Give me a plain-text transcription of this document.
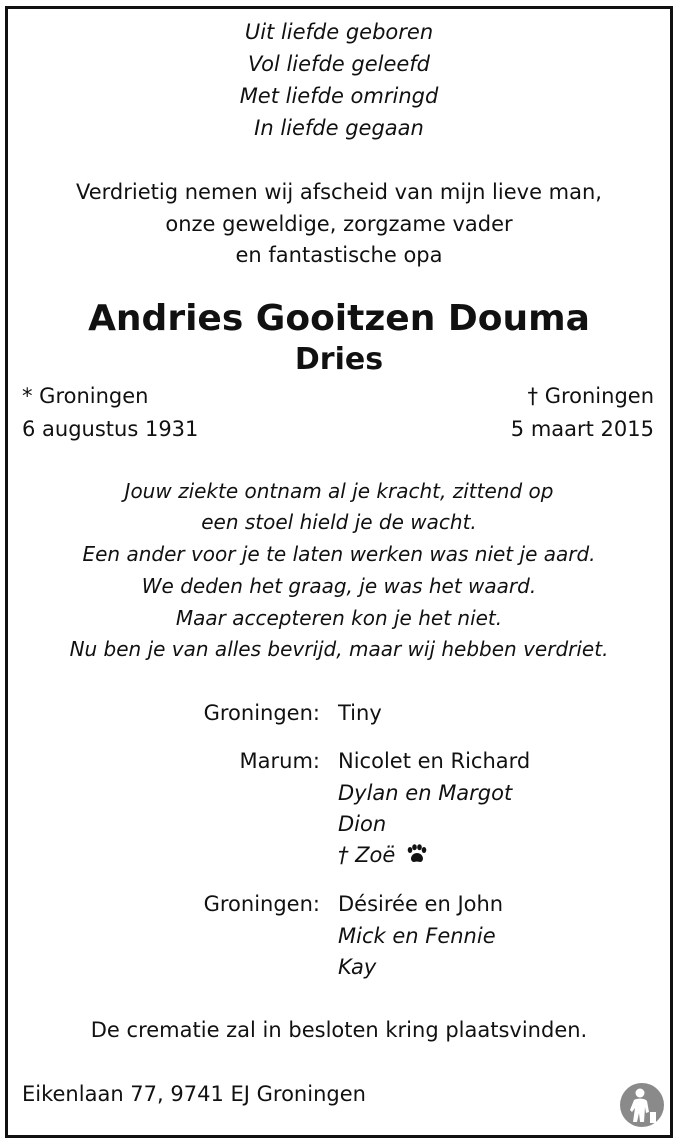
Uit liefde geboren
Vol liefde geleefd
Met liefde omringd
In liefde gegaan
Verdrietig nemen wij afscheid van mijn lieve man,
onze geweldige, zorgzame vader
en fantastische opa
Andries Gooitzen Douma
Dries
* Groningen
6 augustus 1931
† Groningen
5 maart 2015
Jouw ziekte ontnam al je kracht, zittend op
een stoel hield je de wacht.
Een ander voor je te laten werken was niet je aard.
We deden het graag, je was het waard.
Maar accepteren kon je het niet.
Nu ben je van alles bevrijd, maar wij hebben verdriet.
Groningen: Tiny
Marum: Nicolet en Richard
Dylan en Margot
Dion
† Zoë
Groningen: Désirée en John
Mick en Fennie
Kay
De crematie zal in besloten kring plaatsvinden.
Eikenlaan 77, 9741 EJ Groningen
